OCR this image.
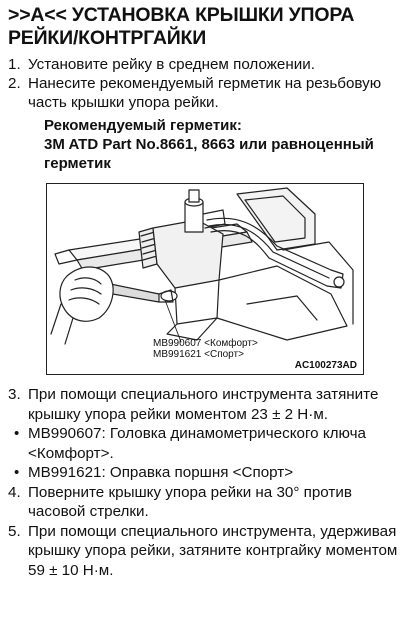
>>A<< УСТАНОВКА КРЫШКИ УПОРА РЕЙКИ/КОНТРГАЙКИ
1. Установите рейку в среднем положении.
2. Нанесите рекомендуемый герметик на резьбовую часть крышки упора рейки.
Рекомендуемый герметик:
3M ATD Part No.8661, 8663 или равноценный герметик
MB990607 <Комфорт>
MB991621 <Спорт>
AC100273AD
3. При помощи специального инструмента затяните крышку упора рейки моментом 23 ± 2 Н·м.
• MB990607: Головка динамометрического ключа <Комфорт>.
• MB991621: Оправка поршня <Спорт>
4. Поверните крышку упора рейки на 30° против часовой стрелки.
5. При помощи специального инструмента, удерживая крышку упора рейки, затяните контргайку моментом 59 ± 10 Н·м.
